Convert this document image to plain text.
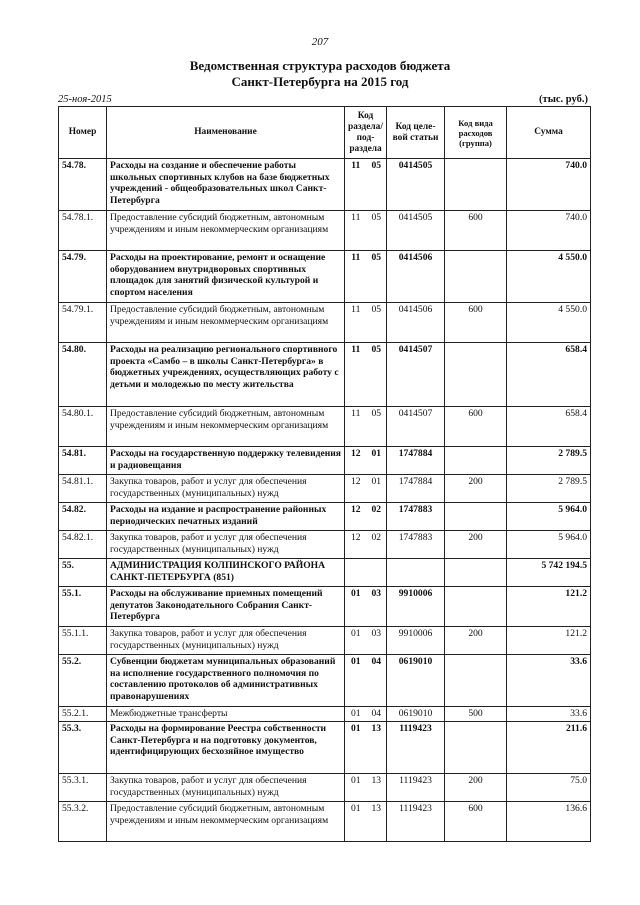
207
Ведомственная структура расходов бюджета
Санкт-Петербурга на 2015 год
25-ноя-2015	(тыс. руб.)
Номер	Наименование	Код раздела/ под- раздела		Код целе- вой статьи	Код вида расходов (группа)	Сумма
54.78.	Расходы на создание и обеспечение работы школьных спортивных клубов на базе бюджетных учреждений - общеобразовательных школ Санкт-Петербурга	11	05	0414505		740.0
54.78.1.	Предоставление субсидий бюджетным, автономным учреждениям и иным некоммерческим организациям	11	05	0414505	600	740.0
54.79.	Расходы на проектирование, ремонт и оснащение оборудованием внутридворовых спортивных площадок для занятий физической культурой и спортом населения	11	05	0414506		4 550.0
54.79.1.	Предоставление субсидий бюджетным, автономным учреждениям и иным некоммерческим организациям	11	05	0414506	600	4 550.0
54.80.	Расходы на реализацию регионального спортивного проекта «Самбо – в школы Санкт-Петербурга» в бюджетных учреждениях, осуществляющих работу с детьми и молодежью по месту жительства	11	05	0414507		658.4
54.80.1.	Предоставление субсидий бюджетным, автономным учреждениям и иным некоммерческим организациям	11	05	0414507	600	658.4
54.81.	Расходы на государственную поддержку телевидения и радиовещания	12	01	1747884		2 789.5
54.81.1.	Закупка товаров, работ и услуг для обеспечения государственных (муниципальных) нужд	12	01	1747884	200	2 789.5
54.82.	Расходы на издание и распространение районных периодических печатных изданий	12	02	1747883		5 964.0
54.82.1.	Закупка товаров, работ и услуг для обеспечения государственных (муниципальных) нужд	12	02	1747883	200	5 964.0
55.	АДМИНИСТРАЦИЯ КОЛПИНСКОГО РАЙОНА САНКТ-ПЕТЕРБУРГА (851)					5 742 194.5
55.1.	Расходы на обслуживание приемных помещений депутатов Законодательного Собрания Санкт-Петербурга	01	03	9910006		121.2
55.1.1.	Закупка товаров, работ и услуг для обеспечения государственных (муниципальных) нужд	01	03	9910006	200	121.2
55.2.	Субвенции бюджетам муниципальных образований на исполнение государственного полномочия по составлению протоколов об административных правонарушениях	01	04	0619010		33.6
55.2.1.	Межбюджетные трансферты	01	04	0619010	500	33.6
55.3.	Расходы на формирование Реестра собственности Санкт-Петербурга и на подготовку документов, идентифицирующих бесхозяйное имущество	01	13	1119423		211.6
55.3.1.	Закупка товаров, работ и услуг для обеспечения государственных (муниципальных) нужд	01	13	1119423	200	75.0
55.3.2.	Предоставление субсидий бюджетным, автономным учреждениям и иным некоммерческим организациям	01	13	1119423	600	136.6
